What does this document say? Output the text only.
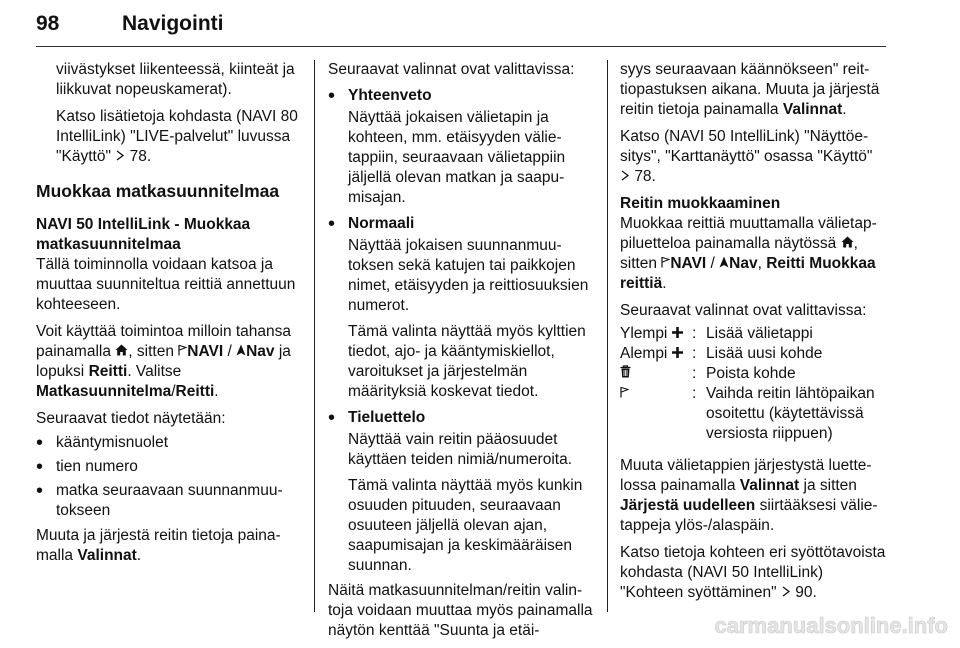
98	Navigointi

viivästykset liikenteessä, kiinteät ja liikkuvat nopeuskamerat).

Katso lisätietoja kohdasta (NAVI 80 IntelliLink) "LIVE-palvelut" luvussa "Käyttö" 78.

Muokkaa matkasuunnitelmaa
NAVI 50 IntelliLink - Muokkaa matkasuunnitelmaa

Tällä toiminnolla voidaan katsoa ja muuttaa suunniteltua reittiä annettuun kohteeseen.

Voit käyttää toimintoa milloin tahansa painamalla , sitten NAVI / Nav ja lopuksi Reitti. Valitse Matkasuunnitelma/Reitti.

Seuraavat tiedot näytetään:

• kääntymisnuolet
• tien numero
• matka seuraavaan suunnanmuutokseen

Muuta ja järjestä reitin tietoja painamalla Valinnat.

Seuraavat valinnat ovat valittavissa:

• Yhteenveto
Näyttää jokaisen välietapin ja kohteen, mm. etäisyyden välietappiin, seuraavaan välietappiin jäljellä olevan matkan ja saapumisajan.
• Normaali
Näyttää jokaisen suunnanmuutoksen sekä katujen tai paikkojen nimet, etäisyyden ja reittiosuuksien numerot.
Tämä valinta näyttää myös kylttien tiedot, ajo- ja kääntymiskiellot, varoitukset ja järjestelmän määrityksiä koskevat tiedot.
• Tieluettelo
Näyttää vain reitin pääosuudet käyttäen teiden nimiä/numeroita.
Tämä valinta näyttää myös kunkin osuuden pituuden, seuraavaan osuuteen jäljellä olevan ajan, saapumisajan ja keskimääräisen suunnan.

Näitä matkasuunnitelman/reitin valintoja voidaan muuttaa myös painamalla näytön kenttää "Suunta ja etäi-

syys seuraavaan käännökseen" reittiopastuksen aikana. Muuta ja järjestä reitin tietoja painamalla Valinnat.

Katso (NAVI 50 IntelliLink) "Näyttöesitys", "Karttanäyttö" osassa "Käyttö"  78.

Reitin muokkaaminen

Muokkaa reittiä muuttamalla välietappiluetteloa painamalla näytössä , sitten NAVI / Nav, Reitti Muokkaa reittiä.

Seuraavat valinnat ovat valittavissa:

Ylempi	: Lisää välietappi
Alempi	: Lisää uusi kohde
: Poista kohde
: Vaihda reitin lähtöpaikan osoitettu (käytettävissä versiosta riippuen)

Muuta välietappien järjestystä luettelossa painamalla Valinnat ja sitten Järjestä uudelleen siirtääksesi välietappeja ylös-/alaspäin.

Katso tietoja kohteen eri syöttötavoista kohdasta (NAVI 50 IntelliLink) "Kohteen syöttäminen" 90.

carmanualsonline.info
